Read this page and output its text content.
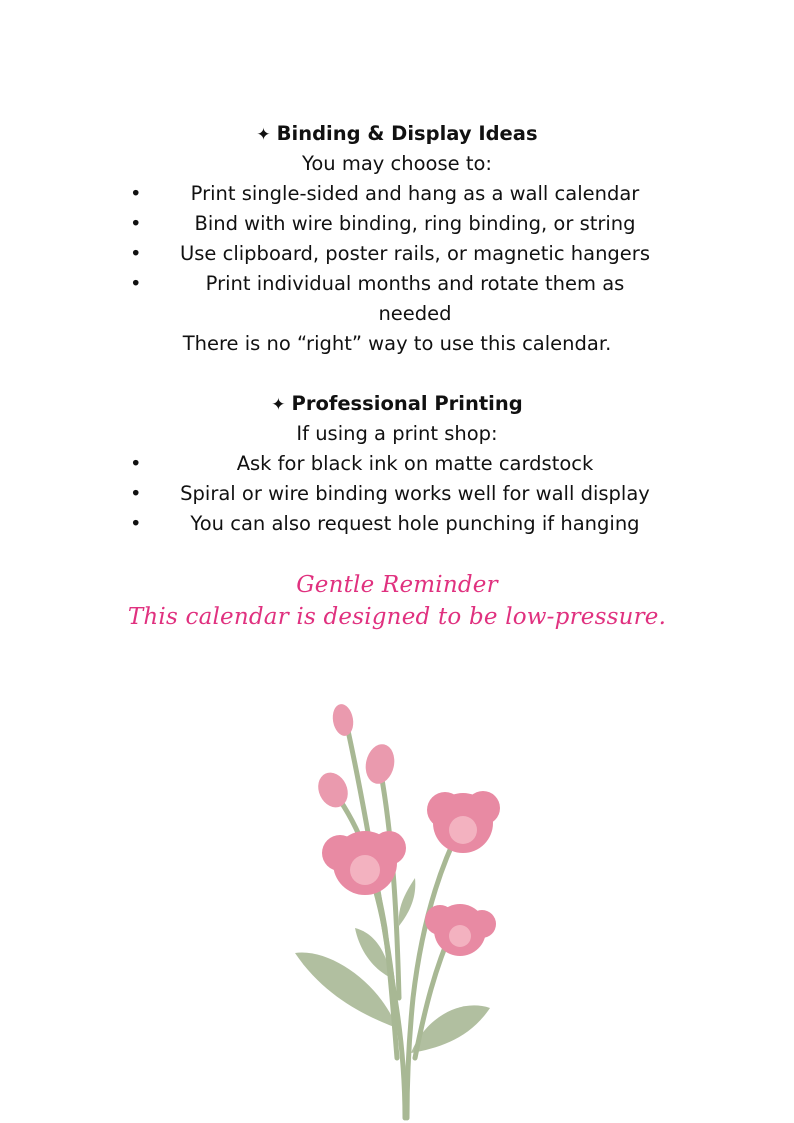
✦ Binding & Display Ideas
You may choose to:
•	Print single-sided and hang as a wall calendar
•	Bind with wire binding, ring binding, or string
•	Use clipboard, poster rails, or magnetic hangers
•	Print individual months and rotate them as
needed
There is no “right” way to use this calendar.
✦ Professional Printing
If using a print shop:
•	Ask for black ink on matte cardstock
•	Spiral or wire binding works well for wall display
•	You can also request hole punching if hanging
Gentle Reminder
This calendar is designed to be low-pressure.
